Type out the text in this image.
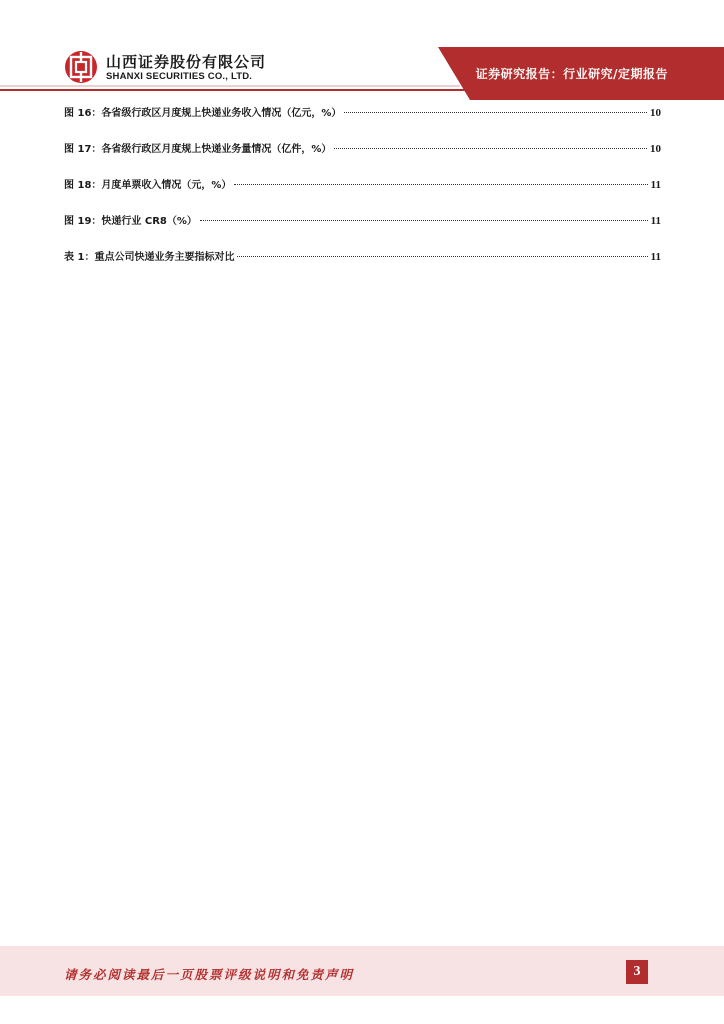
山西证券股份有限公司
SHANXI SECURITIES CO., LTD.	证券研究报告：行业研究/定期报告
图 16：各省级行政区月度规上快递业务收入情况（亿元，%）	10
图 17：各省级行政区月度规上快递业务量情况（亿件，%）	10
图 18：月度单票收入情况（元，%）	11
图 19：快递行业 CR8（%）	11
表 1：重点公司快递业务主要指标对比	11
请务必阅读最后一页股票评级说明和免责声明	3
